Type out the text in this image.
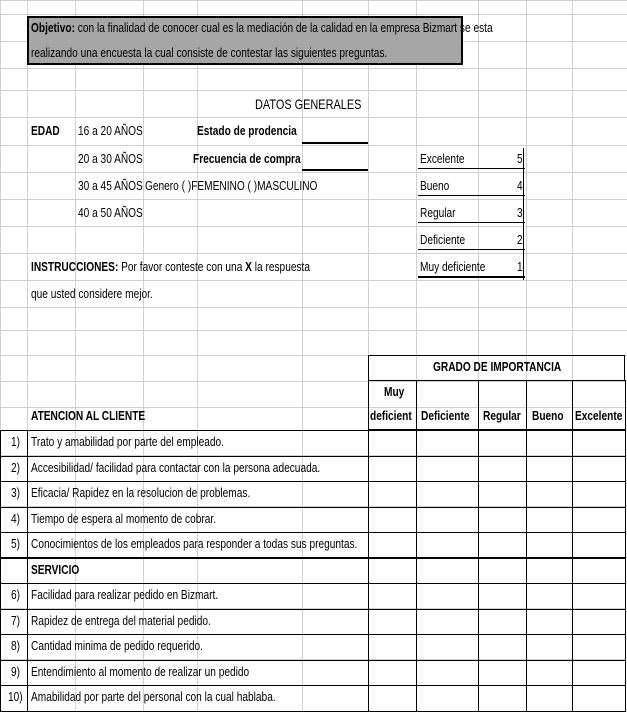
Objetivo: con la finalidad de conocer cual es la mediación de la calidad en la empresa Bizmart se esta
realizando una encuesta la cual consiste de contestar las siguientes preguntas.
DATOS GENERALES
EDAD 16 a 20 AÑOS
20 a 30 AÑOS
30 a 45 AÑOS
40 a 50 AÑOS
Estado de prodencia
Frecuencia de compra
Genero ( )FEMENINO ( )MASCULINO
Excelente	5
Bueno	4
Regular	3
Deficiente	2
Muy deficiente 1
INSTRUCCIONES: Por favor conteste con una X la respuesta
que usted considere mejor.
GRADO DE IMPORTANCIA
Muy
deficient Deficiente Regular Bueno Excelente
ATENCION AL CLIENTE
1) Trato y amabilidad por parte del empleado.
2) Accesibilidad/ facilidad para contactar con la persona adecuada.
3) Eficacia/ Rapidez en la resolucion de problemas.
4) Tiempo de espera al momento de cobrar.
5) Conocimientos de los empleados para responder a todas sus preguntas.
SERVICIO
6) Facilidad para realizar pedido en Bizmart.
7) Rapidez de entrega del material pedido.
8) Cantidad minima de pedido requerido.
9) Entendimiento al momento de realizar un pedido
10) Amabilidad por parte del personal con la cual hablaba.
